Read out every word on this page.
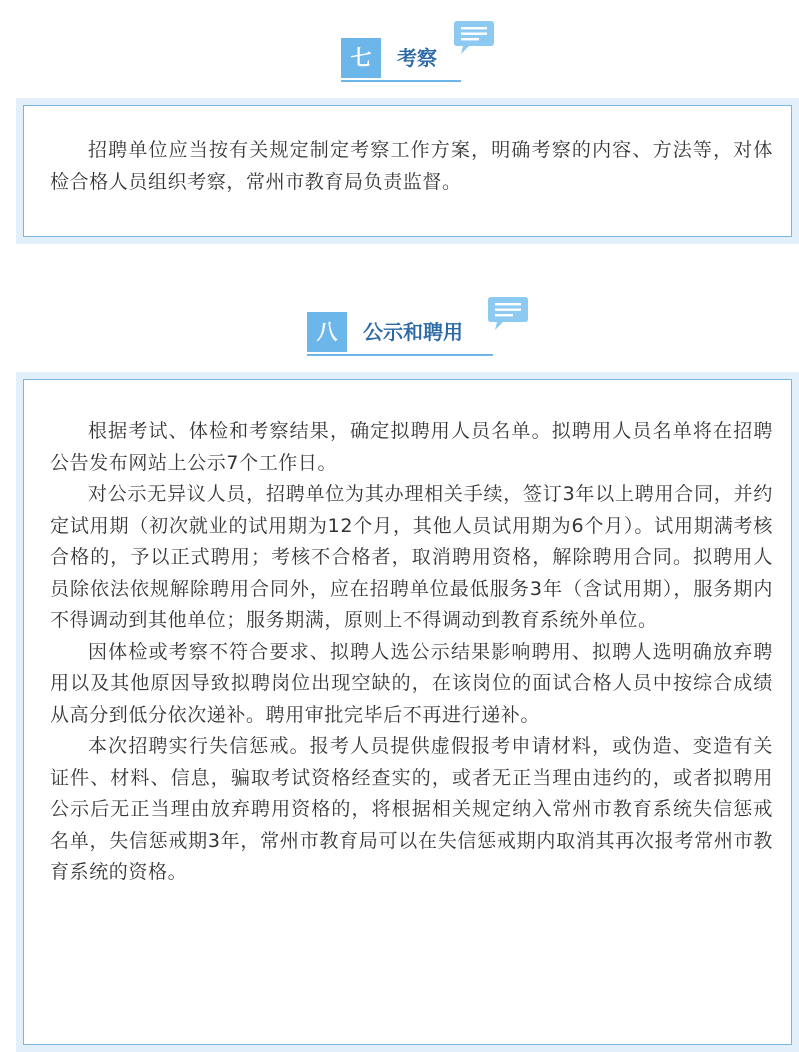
七	考察

招聘单位应当按有关规定制定考察工作方案，明确考察的内容、方法等，对体检合格人员组织考察，常州市教育局负责监督。

八	公示和聘用

根据考试、体检和考察结果，确定拟聘用人员名单。拟聘用人员名单将在招聘公告发布网站上公示7个工作日。

对公示无异议人员，招聘单位为其办理相关手续，签订3年以上聘用合同，并约定试用期（初次就业的试用期为12个月，其他人员试用期为6个月）。试用期满考核合格的，予以正式聘用；考核不合格者，取消聘用资格，解除聘用合同。拟聘用人员除依法依规解除聘用合同外，应在招聘单位最低服务3年（含试用期），服务期内不得调动到其他单位；服务期满，原则上不得调动到教育系统外单位。

因体检或考察不符合要求、拟聘人选公示结果影响聘用、拟聘人选明确放弃聘用以及其他原因导致拟聘岗位出现空缺的，在该岗位的面试合格人员中按综合成绩从高分到低分依次递补。聘用审批完毕后不再进行递补。

本次招聘实行失信惩戒。报考人员提供虚假报考申请材料，或伪造、变造有关证件、材料、信息，骗取考试资格经查实的，或者无正当理由违约的，或者拟聘用公示后无正当理由放弃聘用资格的，将根据相关规定纳入常州市教育系统失信惩戒名单，失信惩戒期3年，常州市教育局可以在失信惩戒期内取消其再次报考常州市教育系统的资格。
